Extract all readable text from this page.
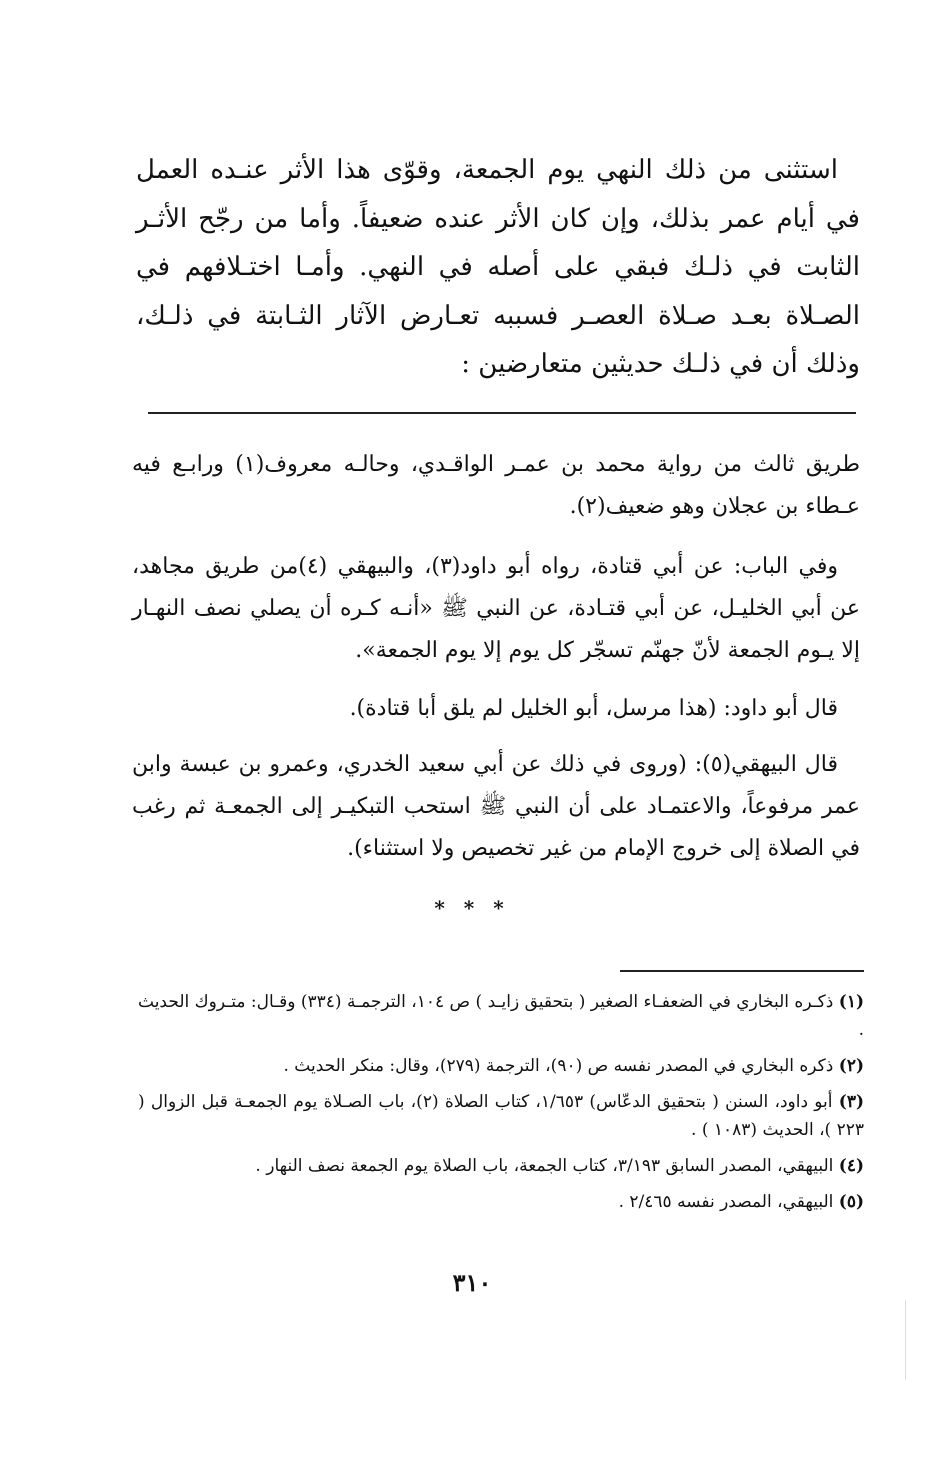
استثنى من ذلك النهي يوم الجمعة، وقوّى هذا الأثر عنـده العمل في أيام عمر بذلك، وإن كان الأثر عنده ضعيفاً. وأما من رجّح الأثـر الثابت في ذلـك فبقي على أصله في النهي. وأمـا اختـلافهم في الصـلاة بعـد صـلاة العصـر فسببه تعـارض الآثار الثـابتة في ذلـك، وذلك أن في ذلـك حديثين متعارضين :

طريق ثالث من رواية محمد بن عمـر الواقـدي، وحالـه معروف(١) ورابـع فيه عـطاء بن عجلان وهو ضعيف(٢).

وفي الباب: عن أبي قتادة، رواه أبو داود(٣)، والبيهقي (٤)من طريق مجاهد، عن أبي الخليـل، عن أبي قتـادة، عن النبي ﷺ «أنـه كـره أن يصلي نصف النهـار إلا يـوم الجمعة لأنّ جهنّم تسجّر كل يوم إلا يوم الجمعة».

قال أبو داود: (هذا مرسل، أبو الخليل لم يلق أبا قتادة).

قال البيهقي(٥): (وروى في ذلك عن أبي سعيد الخدري، وعمرو بن عبسة وابن عمر مرفوعاً، والاعتمـاد على أن النبي ﷺ استحب التبكيـر إلى الجمعـة ثم رغب في الصلاة إلى خروج الإمام من غير تخصيص ولا استثناء).

* * *
(١) ذكـره البخاري في الضعفـاء الصغير ( بتحقيق زايـد ) ص ١٠٤، الترجمـة (٣٣٤) وقـال: متـروك الحديث .
(٢) ذكره البخاري في المصدر نفسه ص (٩٠)، الترجمة (٢٧٩)، وقال: منكر الحديث .
(٣) أبو داود، السنن ( بتحقيق الدعّاس) ١/٦٥٣، كتاب الصلاة (٢)، باب الصـلاة يوم الجمعـة قبل الزوال ( ٢٢٣ )، الحديث (١٠٨٣ ) .
(٤) البيهقي، المصدر السابق ٣/١٩٣، كتاب الجمعة، باب الصلاة يوم الجمعة نصف النهار .
(٥) البيهقي، المصدر نفسه ٢/٤٦٥ .
٣١٠
